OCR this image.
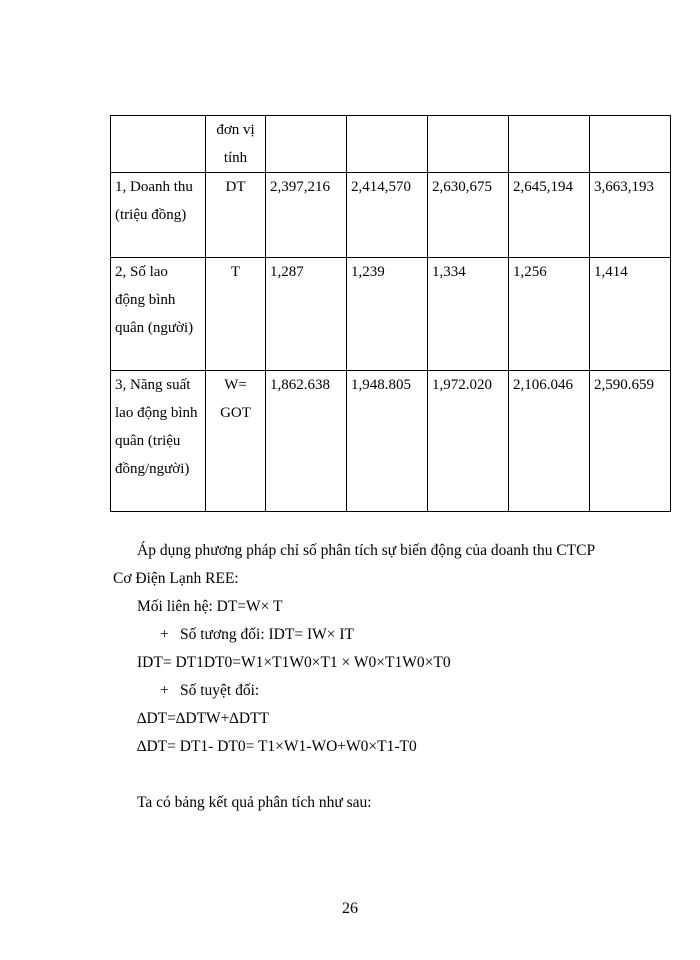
	đơn vị tính					
1, Doanh thu (triệu đồng)	DT	2,397,216	2,414,570	2,630,675	2,645,194	3,663,193
2, Số lao động bình quân (người)	T	1,287	1,239	1,334	1,256	1,414
3, Năng suất lao động bình quân (triệu đồng/người)	W= GOT	1,862.638	1,948.805	1,972.020	2,106.046	2,590.659
Áp dụng phương pháp chỉ số phân tích sự biến động của doanh thu CTCP
Cơ Điện Lạnh REE:
Mối liên hệ: DT=W× T
+ Số tương đối: IDT= IW× IT
IDT= DT1DT0=W1×T1W0×T1 × W0×T1W0×T0
+ Số tuyệt đối:
∆DT=∆DTW+∆DTT
∆DT= DT1- DT0= T1×W1-WO+W0×T1-T0
Ta có bảng kết quả phân tích như sau:
26
